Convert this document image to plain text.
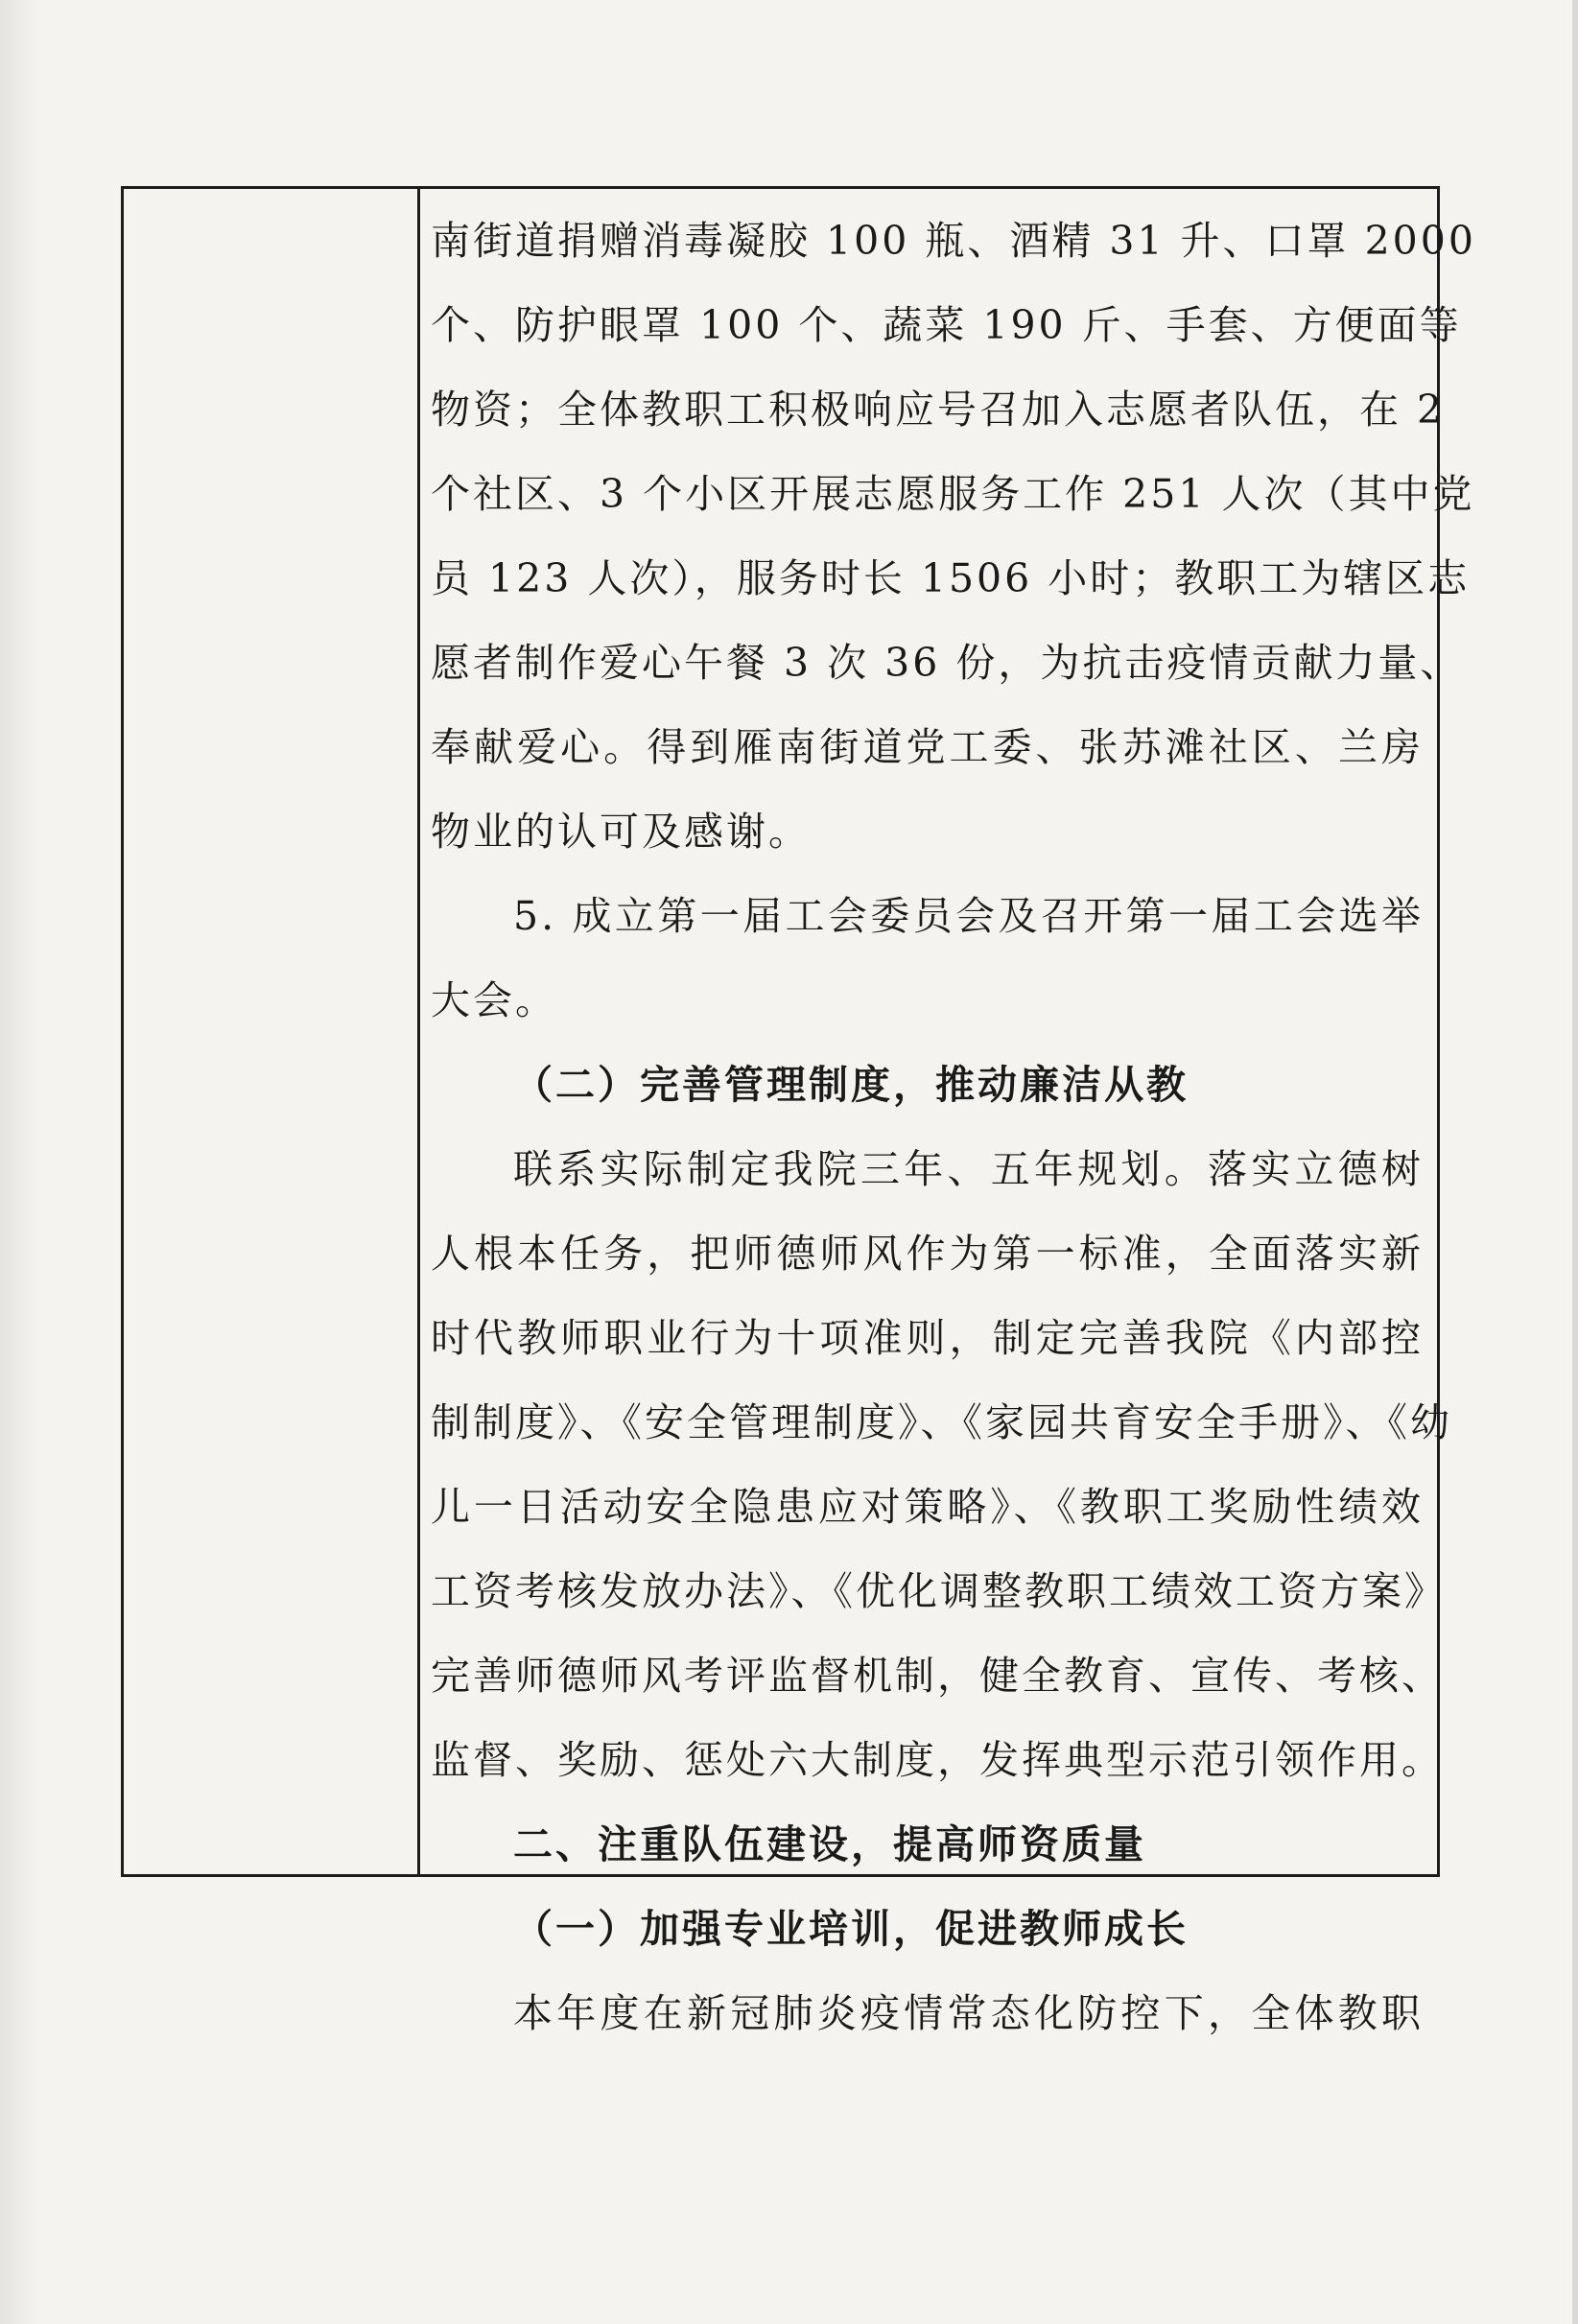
南街道捐赠消毒凝胶 100 瓶、酒精 31 升、口罩 2000
个、防护眼罩 100 个、蔬菜 190 斤、手套、方便面等
物资；全体教职工积极响应号召加入志愿者队伍，在 2
个社区、3 个小区开展志愿服务工作 251 人次（其中党
员 123 人次），服务时长 1506 小时；教职工为辖区志
愿者制作爱心午餐 3 次 36 份，为抗击疫情贡献力量、
奉献爱心。得到雁南街道党工委、张苏滩社区、兰房
物业的认可及感谢。
5. 成立第一届工会委员会及召开第一届工会选举
大会。
（二）完善管理制度，推动廉洁从教
联系实际制定我院三年、五年规划。落实立德树
人根本任务，把师德师风作为第一标准，全面落实新
时代教师职业行为十项准则，制定完善我院《内部控
制制度》、《安全管理制度》、《家园共育安全手册》、《幼
儿一日活动安全隐患应对策略》、《教职工奖励性绩效
工资考核发放办法》、《优化调整教职工绩效工资方案》
完善师德师风考评监督机制，健全教育、宣传、考核、
监督、奖励、惩处六大制度，发挥典型示范引领作用。
二、注重队伍建设，提高师资质量
（一）加强专业培训，促进教师成长
本年度在新冠肺炎疫情常态化防控下，全体教职
